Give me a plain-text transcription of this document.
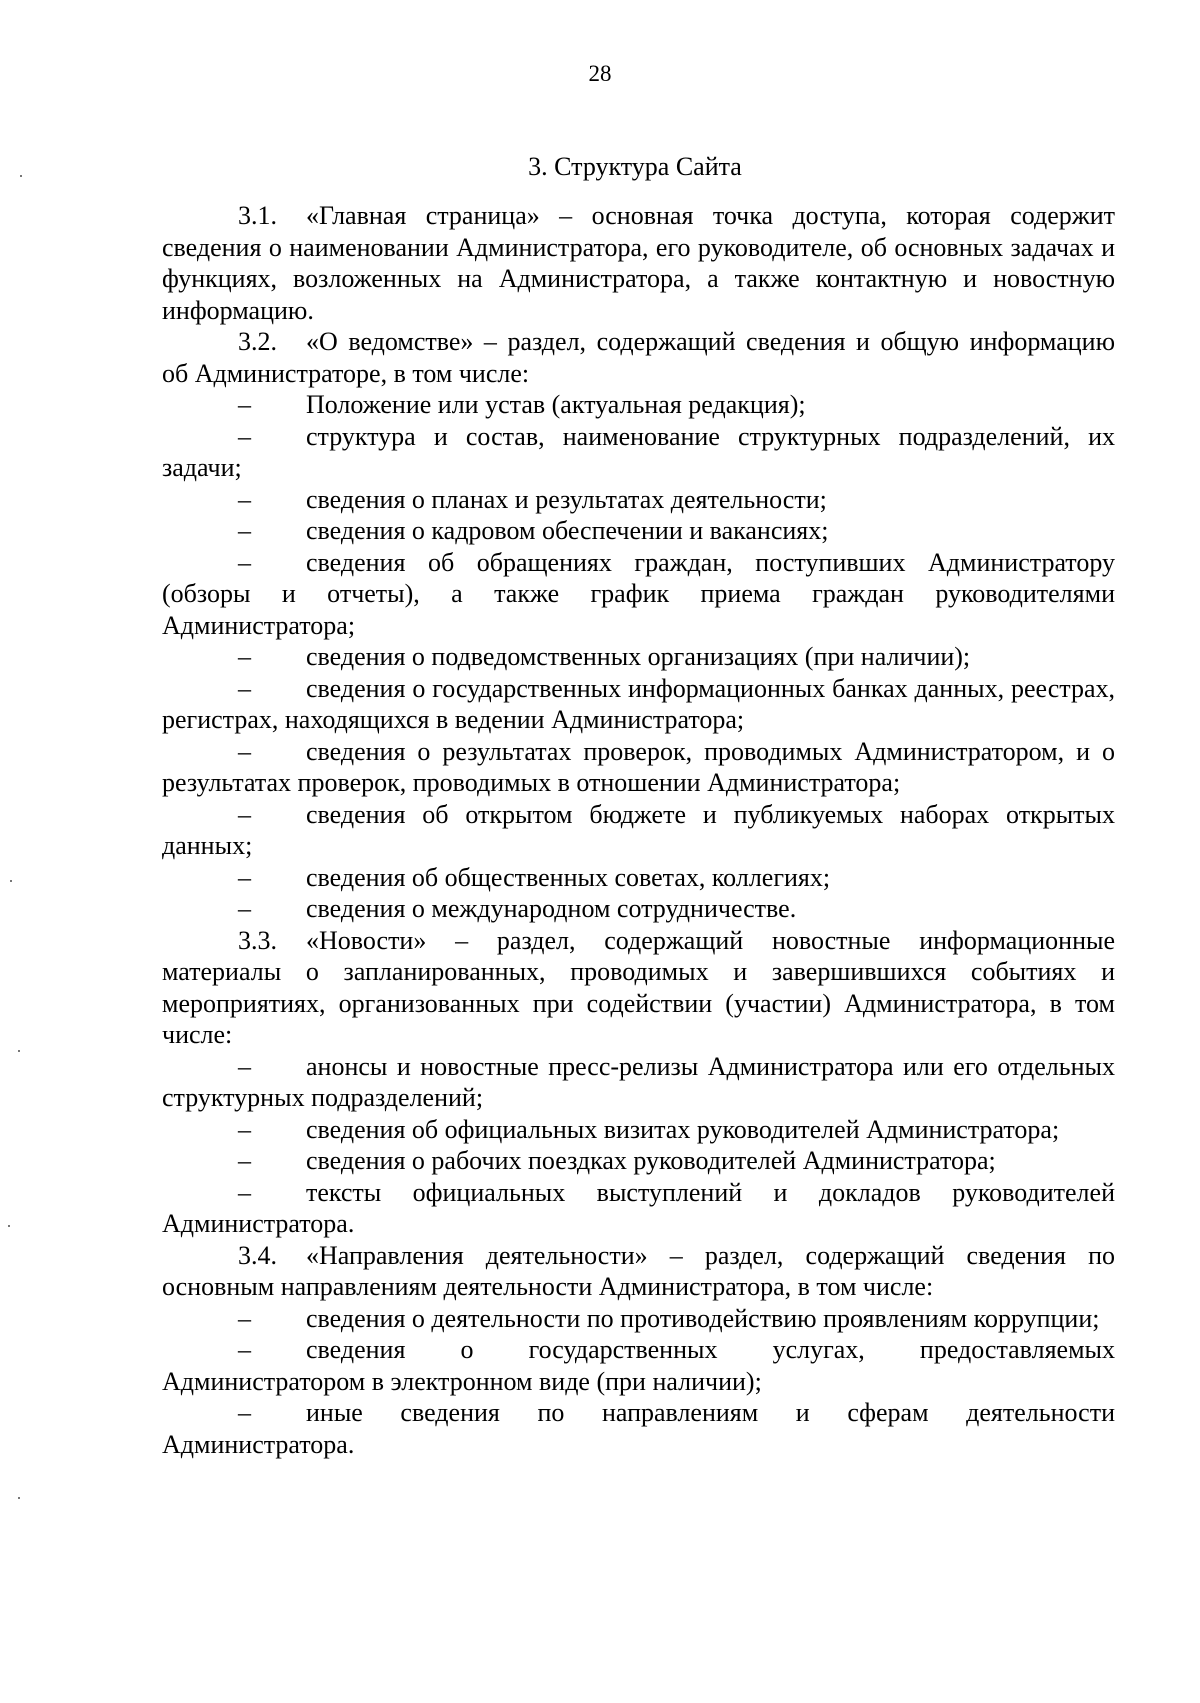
28
3. Структура Сайта

3.1. «Главная страница» – основная точка доступа, которая содержит сведения о наименовании Администратора, его руководителе, об основных задачах и функциях, возложенных на Администратора, а также контактную и новостную информацию.

3.2. «О ведомстве» – раздел, содержащий сведения и общую информацию об Администраторе, в том числе:

– Положение или устав (актуальная редакция);

– структура и состав, наименование структурных подразделений, их задачи;

– сведения о планах и результатах деятельности;

– сведения о кадровом обеспечении и вакансиях;

– сведения об обращениях граждан, поступивших Администратору (обзоры и отчеты), а также график приема граждан руководителями Администратора;

– сведения о подведомственных организациях (при наличии);

– сведения о государственных информационных банках данных, реестрах, регистрах, находящихся в ведении Администратора;

– сведения о результатах проверок, проводимых Администратором, и о результатах проверок, проводимых в отношении Администратора;

– сведения об открытом бюджете и публикуемых наборах открытых данных;

– сведения об общественных советах, коллегиях;

– сведения о международном сотрудничестве.

3.3. «Новости» – раздел, содержащий новостные информационные материалы о запланированных, проводимых и завершившихся событиях и мероприятиях, организованных при содействии (участии) Администратора, в том числе:

– анонсы и новостные пресс-релизы Администратора или его отдельных структурных подразделений;

– сведения об официальных визитах руководителей Администратора;

– сведения о рабочих поездках руководителей Администратора;

– тексты официальных выступлений и докладов руководителей Администратора.

3.4. «Направления деятельности» – раздел, содержащий сведения по основным направлениям деятельности Администратора, в том числе:

– сведения о деятельности по противодействию проявлениям коррупции;

– сведения о государственных услугах, предоставляемых Администратором в электронном виде (при наличии);

– иные сведения по направлениям и сферам деятельности Администратора.
